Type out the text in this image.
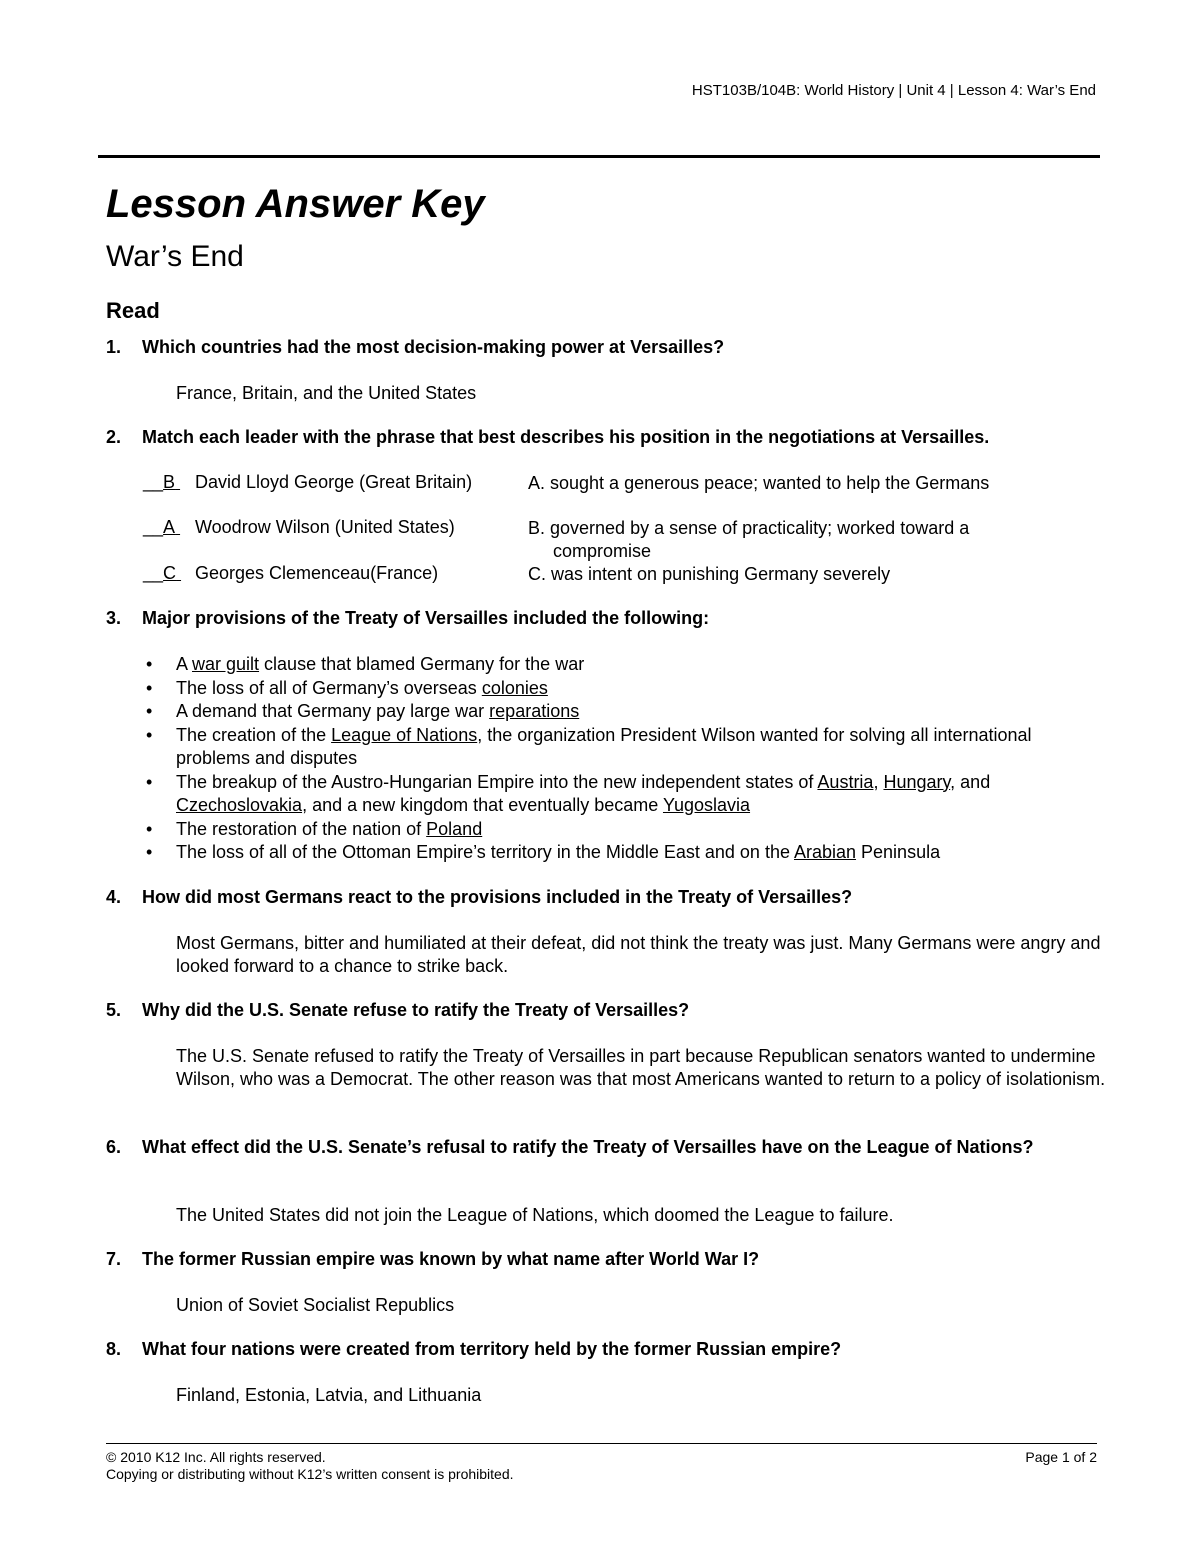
HST103B/104B: World History | Unit 4 | Lesson 4: War’s End
Lesson Answer Key
War’s End
Read
1. Which countries had the most decision-making power at Versailles?
France, Britain, and the United States
2. Match each leader with the phrase that best describes his position in the negotiations at Versailles.
__B	David Lloyd George (Great Britain)	A. sought a generous peace; wanted to help the Germans
__A	Woodrow Wilson (United States)	B. governed by a sense of practicality; worked toward a
compromise
__C	Georges Clemenceau(France)	C. was intent on punishing Germany severely
3. Major provisions of the Treaty of Versailles included the following:
• A war guilt clause that blamed Germany for the war
• The loss of all of Germany’s overseas colonies
• A demand that Germany pay large war reparations
• The creation of the League of Nations, the organization President Wilson wanted for solving all international problems and disputes
• The breakup of the Austro-Hungarian Empire into the new independent states of Austria, Hungary, and Czechoslovakia, and a new kingdom that eventually became Yugoslavia
• The restoration of the nation of Poland
• The loss of all of the Ottoman Empire’s territory in the Middle East and on the Arabian Peninsula
4. How did most Germans react to the provisions included in the Treaty of Versailles?
Most Germans, bitter and humiliated at their defeat, did not think the treaty was just. Many Germans were angry and looked forward to a chance to strike back.
5. Why did the U.S. Senate refuse to ratify the Treaty of Versailles?
The U.S. Senate refused to ratify the Treaty of Versailles in part because Republican senators wanted to undermine Wilson, who was a Democrat. The other reason was that most Americans wanted to return to a policy of isolationism.
6. What effect did the U.S. Senate’s refusal to ratify the Treaty of Versailles have on the League of Nations?
The United States did not join the League of Nations, which doomed the League to failure.
7. The former Russian empire was known by what name after World War I?
Union of Soviet Socialist Republics
8. What four nations were created from territory held by the former Russian empire?
Finland, Estonia, Latvia, and Lithuania
© 2010 K12 Inc. All rights reserved.
Copying or distributing without K12’s written consent is prohibited.
Page 1 of 2
